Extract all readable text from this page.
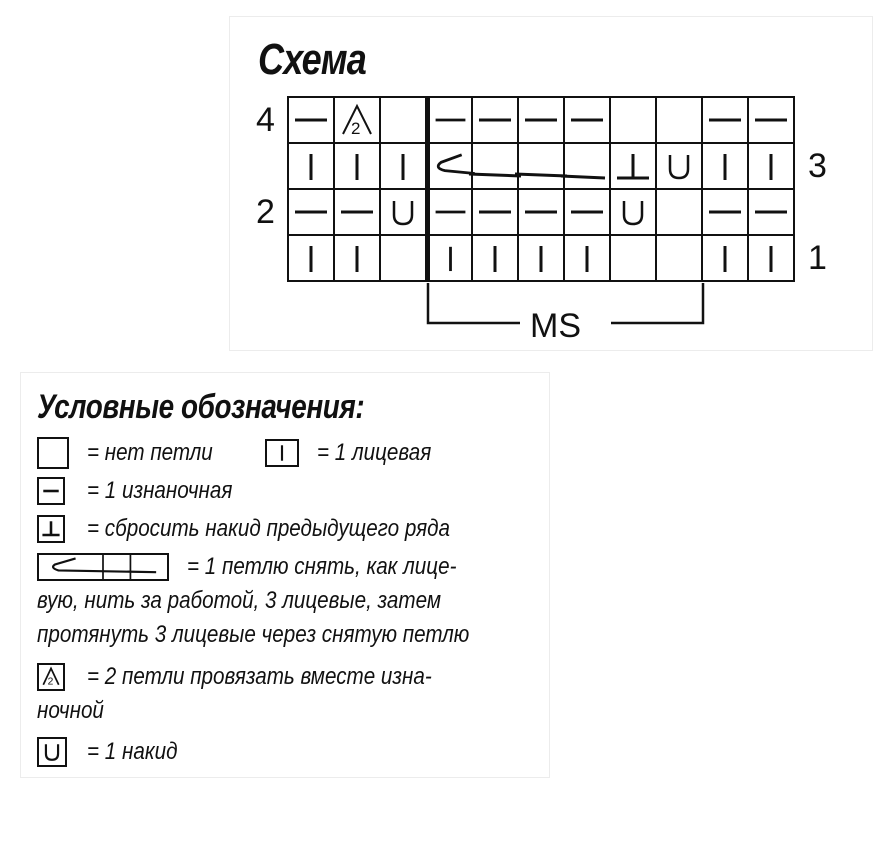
Схема
4
3
2
1
2
MS
Условные обозначения:
= нет петли	= 1 лицевая
= 1 изнаночная
= сбросить накид предыдущего ряда
= 1 петлю снять, как лице-
вую, нить за работой, 3 лицевые, затем
протянуть 3 лицевые через снятую петлю
2 = 2 петли провязать вместе изна-
ночной
= 1 накид
